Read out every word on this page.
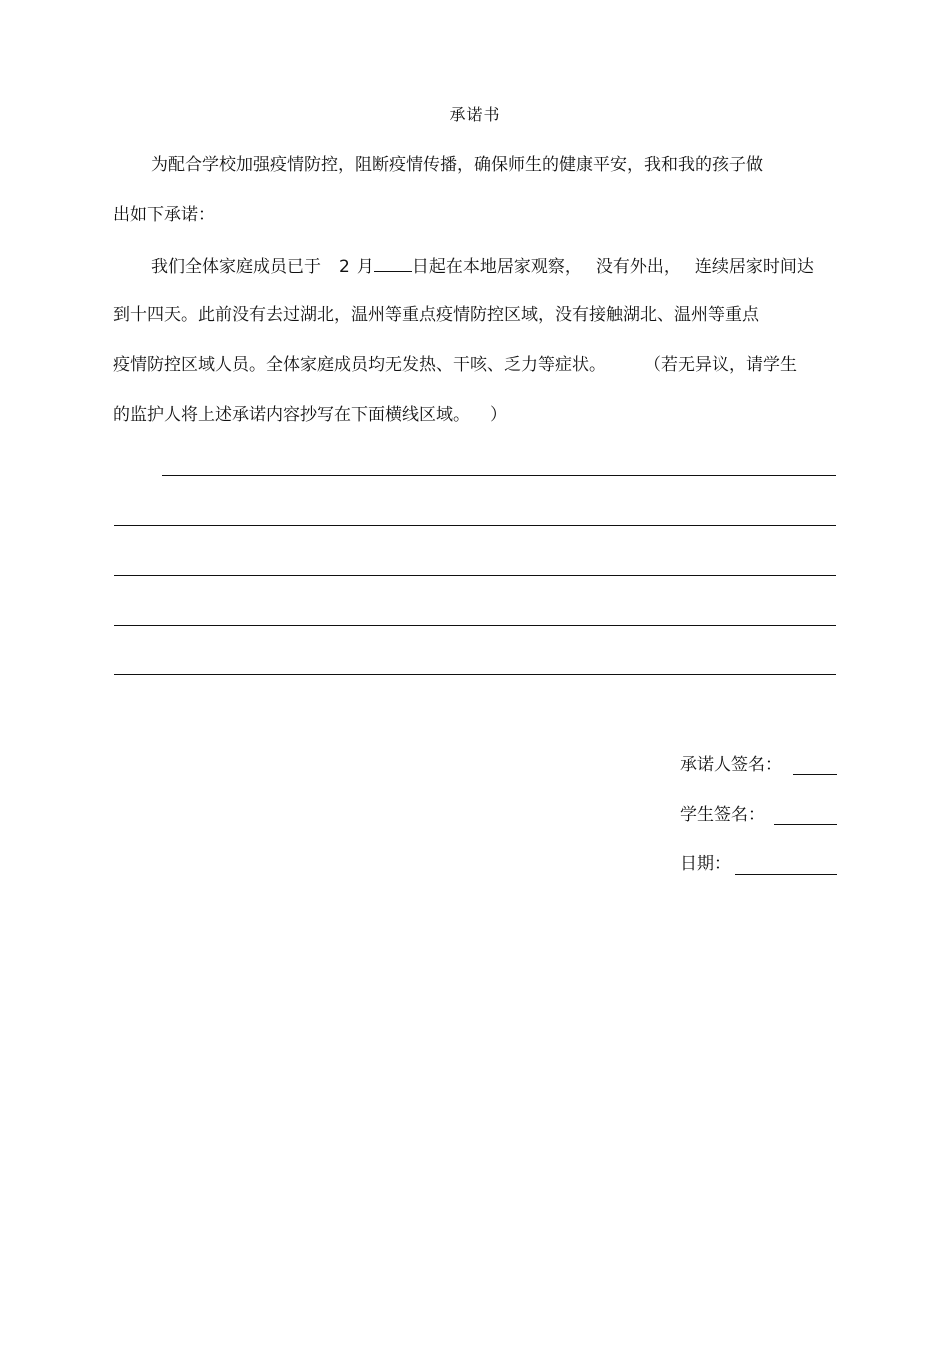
承诺书
为配合学校加强疫情防控，阻断疫情传播，确保师生的健康平安，我和我的孩子做
出如下承诺：
我们全体家庭成员已于 2 月 日起在本地居家观察， 没有外出， 连续居家时间达
到十四天。此前没有去过湖北，温州等重点疫情防控区域，没有接触湖北、温州等重点
疫情防控区域人员。全体家庭成员均无发热、干咳、乏力等症状。 （若无异议，请学生
的监护人将上述承诺内容抄写在下面横线区域。 ）
承诺人签名：
学生签名：
日期：
